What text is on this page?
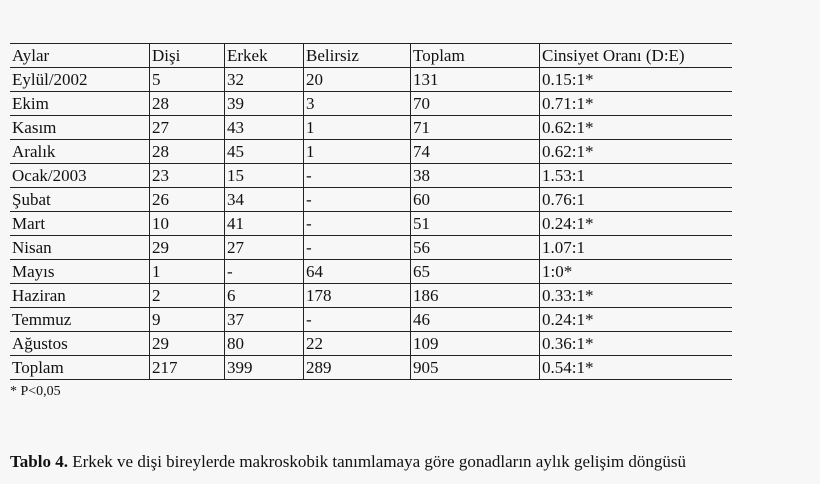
Aylar	Dişi	Erkek	Belirsiz	Toplam	Cinsiyet Oranı (D:E)
Eylül/2002	5	32	20	131	0.15:1*
Ekim	28	39	3	70	0.71:1*
Kasım	27	43	1	71	0.62:1*
Aralık	28	45	1	74	0.62:1*
Ocak/2003	23	15	-	38	1.53:1
Şubat	26	34	-	60	0.76:1
Mart	10	41	-	51	0.24:1*
Nisan	29	27	-	56	1.07:1
Mayıs	1	-	64	65	1:0*
Haziran	2	6	178	186	0.33:1*
Temmuz	9	37	-	46	0.24:1*
Ağustos	29	80	22	109	0.36:1*
Toplam	217	399	289	905	0.54:1*
* P<0,05
Tablo 4. Erkek ve dişi bireylerde makroskobik tanımlamaya göre gonadların aylık gelişim döngüsü
